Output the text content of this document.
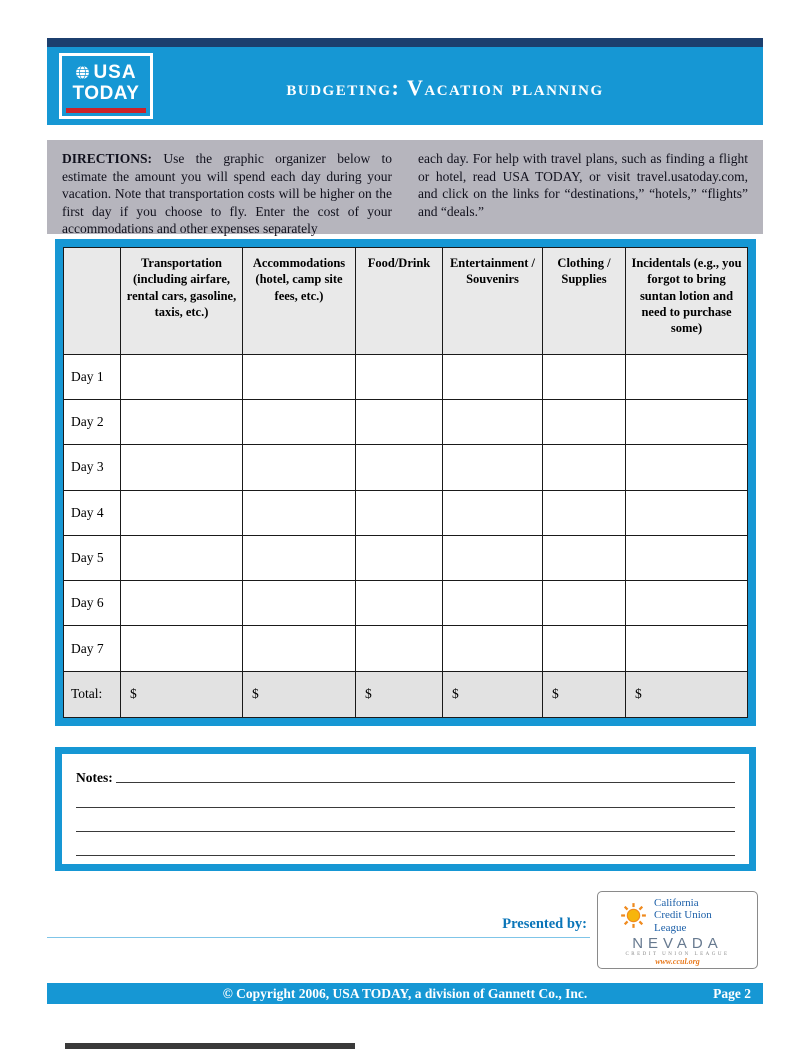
USA
TODAY	budgeting: Vacation planning
DIRECTIONS: Use the graphic organizer below to estimate the amount you will spend each day during your vacation. Note that transportation costs will be higher on the first day if you choose to fly. Enter the cost of your accommodations and other expenses separately
each day. For help with travel plans, such as finding a flight or hotel, read USA TODAY, or visit travel.usatoday.com, and click on the links for “destinations,” “hotels,” “flights” and “deals.”
	Transportation (including airfare, rental cars, gasoline, taxis, etc.)	Accommodations (hotel, camp site fees, etc.)	Food/Drink	Entertainment / Souvenirs	Clothing / Supplies	Incidentals (e.g., you forgot to bring suntan lotion and need to purchase some)
Day 1						
Day 2						
Day 3						
Day 4						
Day 5						
Day 6						
Day 7						
Total:	$	$	$	$	$	$
Notes:
Presented by:
California
Credit Union
League
NEVADA
CREDIT UNION LEAGUE
www.ccul.org
© Copyright 2006, USA TODAY, a division of Gannett Co., Inc.	Page 2
